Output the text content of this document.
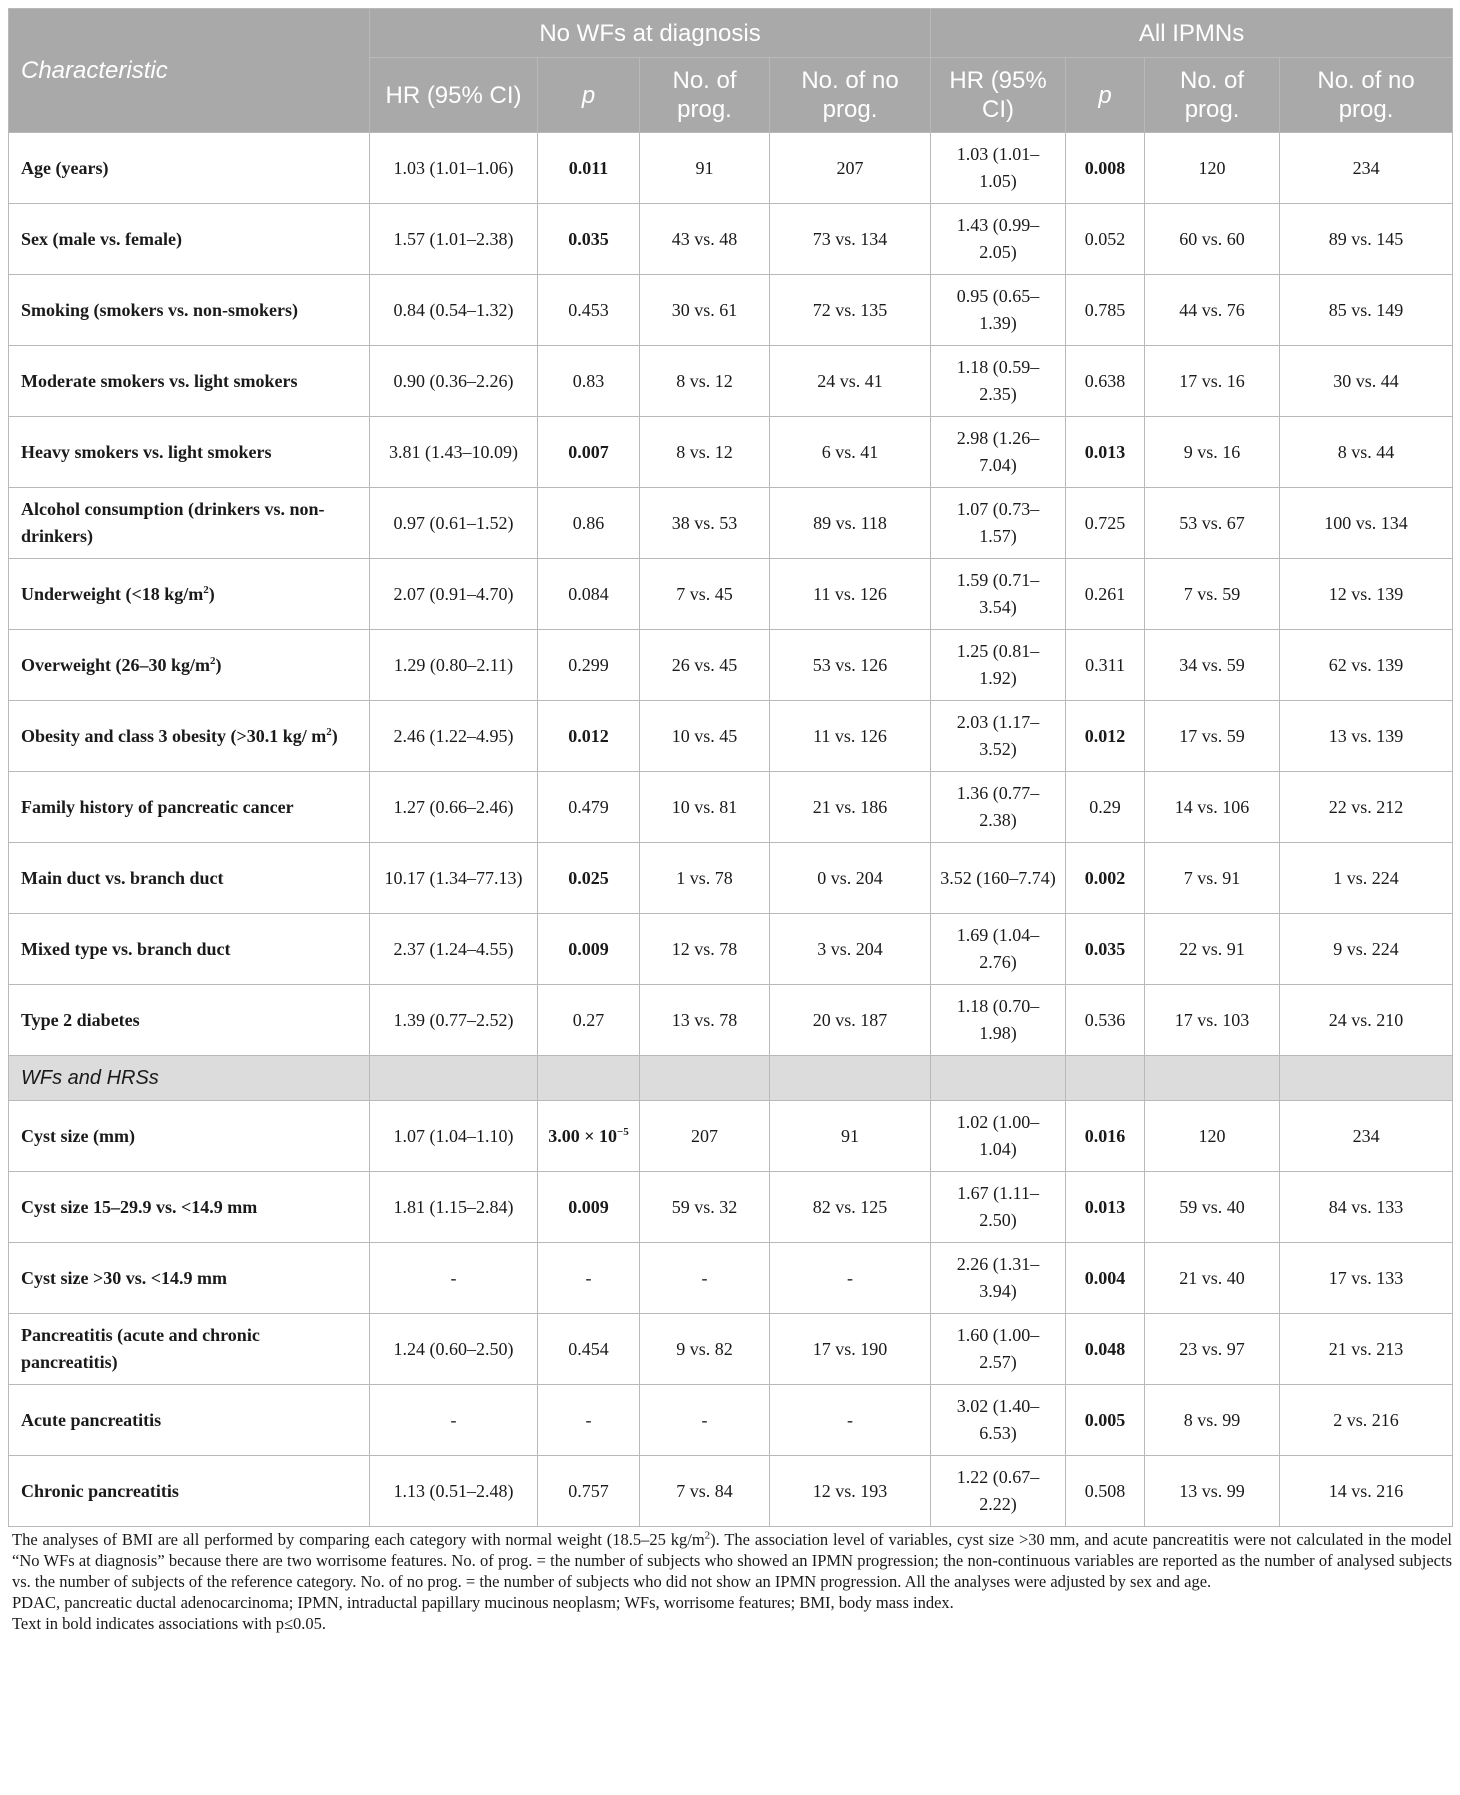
Characteristic	No WFs at diagnosis				All IPMNs			
	HR (95% CI)	p	No. of prog.	No. of no prog.	HR (95% CI)	p	No. of prog.	No. of no prog.
Age (years)	1.03 (1.01–1.06)	0.011	91	207	1.03 (1.01–1.05)	0.008	120	234
Sex (male vs. female)	1.57 (1.01–2.38)	0.035	43 vs. 48	73 vs. 134	1.43 (0.99–2.05)	0.052	60 vs. 60	89 vs. 145
Smoking (smokers vs. non-smokers)	0.84 (0.54–1.32)	0.453	30 vs. 61	72 vs. 135	0.95 (0.65–1.39)	0.785	44 vs. 76	85 vs. 149
Moderate smokers vs. light smokers	0.90 (0.36–2.26)	0.83	8 vs. 12	24 vs. 41	1.18 (0.59–2.35)	0.638	17 vs. 16	30 vs. 44
Heavy smokers vs. light smokers	3.81 (1.43–10.09)	0.007	8 vs. 12	6 vs. 41	2.98 (1.26–7.04)	0.013	9 vs. 16	8 vs. 44
Alcohol consumption (drinkers vs. non-drinkers)	0.97 (0.61–1.52)	0.86	38 vs. 53	89 vs. 118	1.07 (0.73–1.57)	0.725	53 vs. 67	100 vs. 134
Underweight (<18 $kg/m^2$)	2.07 (0.91–4.70)	0.084	7 vs. 45	11 vs. 126	1.59 (0.71–3.54)	0.261	7 vs. 59	12 vs. 139
Overweight (26–30 $kg/m^2$)	1.29 (0.80–2.11)	0.299	26 vs. 45	53 vs. 126	1.25 (0.81–1.92)	0.311	34 vs. 59	62 vs. 139
Obesity and class 3 obesity (>30.1 kg/ $m^2$)	2.46 (1.22–4.95)	0.012	10 vs. 45	11 vs. 126	2.03 (1.17–3.52)	0.012	17 vs. 59	13 vs. 139
Family history of pancreatic cancer	1.27 (0.66–2.46)	0.479	10 vs. 81	21 vs. 186	1.36 (0.77–2.38)	0.29	14 vs. 106	22 vs. 212
Main duct vs. branch duct	10.17 (1.34–77.13)	0.025	1 vs. 78	0 vs. 204	3.52 (160–7.74)	0.002	7 vs. 91	1 vs. 224
Mixed type vs. branch duct	2.37 (1.24–4.55)	0.009	12 vs. 78	3 vs. 204	1.69 (1.04–2.76)	0.035	22 vs. 91	9 vs. 224
Type 2 diabetes	1.39 (0.77–2.52)	0.27	13 vs. 78	20 vs. 187	1.18 (0.70–1.98)	0.536	17 vs. 103	24 vs. 210
WFs and HRSs								
Cyst size (mm)	1.07 (1.04–1.10)	$3.00 \times 10^{-5}$	207	91	1.02 (1.00–1.04)	0.016	120	234
Cyst size 15–29.9 vs. <14.9 mm	1.81 (1.15–2.84)	0.009	59 vs. 32	82 vs. 125	1.67 (1.11–2.50)	0.013	59 vs. 40	84 vs. 133
Cyst size >30 vs. <14.9 mm	-	-	-	-	2.26 (1.31–3.94)	0.004	21 vs. 40	17 vs. 133
Pancreatitis (acute and chronic pancreatitis)	1.24 (0.60–2.50)	0.454	9 vs. 82	17 vs. 190	1.60 (1.00–2.57)	0.048	23 vs. 97	21 vs. 213
Acute pancreatitis	-	-	-	-	3.02 (1.40–6.53)	0.005	8 vs. 99	2 vs. 216
Chronic pancreatitis	1.13 (0.51–2.48)	0.757	7 vs. 84	12 vs. 193	1.22 (0.67–2.22)	0.508	13 vs. 99	14 vs. 216

The analyses of BMI are all performed by comparing each category with normal weight (18.5–25 $kg/m^2$). The association level of variables, cyst size >30 mm, and acute pancreatitis were not calculated in the model “No WFs at diagnosis” because there are two worrisome features. No. of prog. = the number of subjects who showed an IPMN progression; the non-continuous variables are reported as the number of analysed subjects vs. the number of subjects of the reference category. No. of no prog. = the number of subjects who did not show an IPMN progression. All the analyses were adjusted by sex and age.

PDAC, pancreatic ductal adenocarcinoma; IPMN, intraductal papillary mucinous neoplasm; WFs, worrisome features; BMI, body mass index.

Text in bold indicates associations with p≤0.05.
